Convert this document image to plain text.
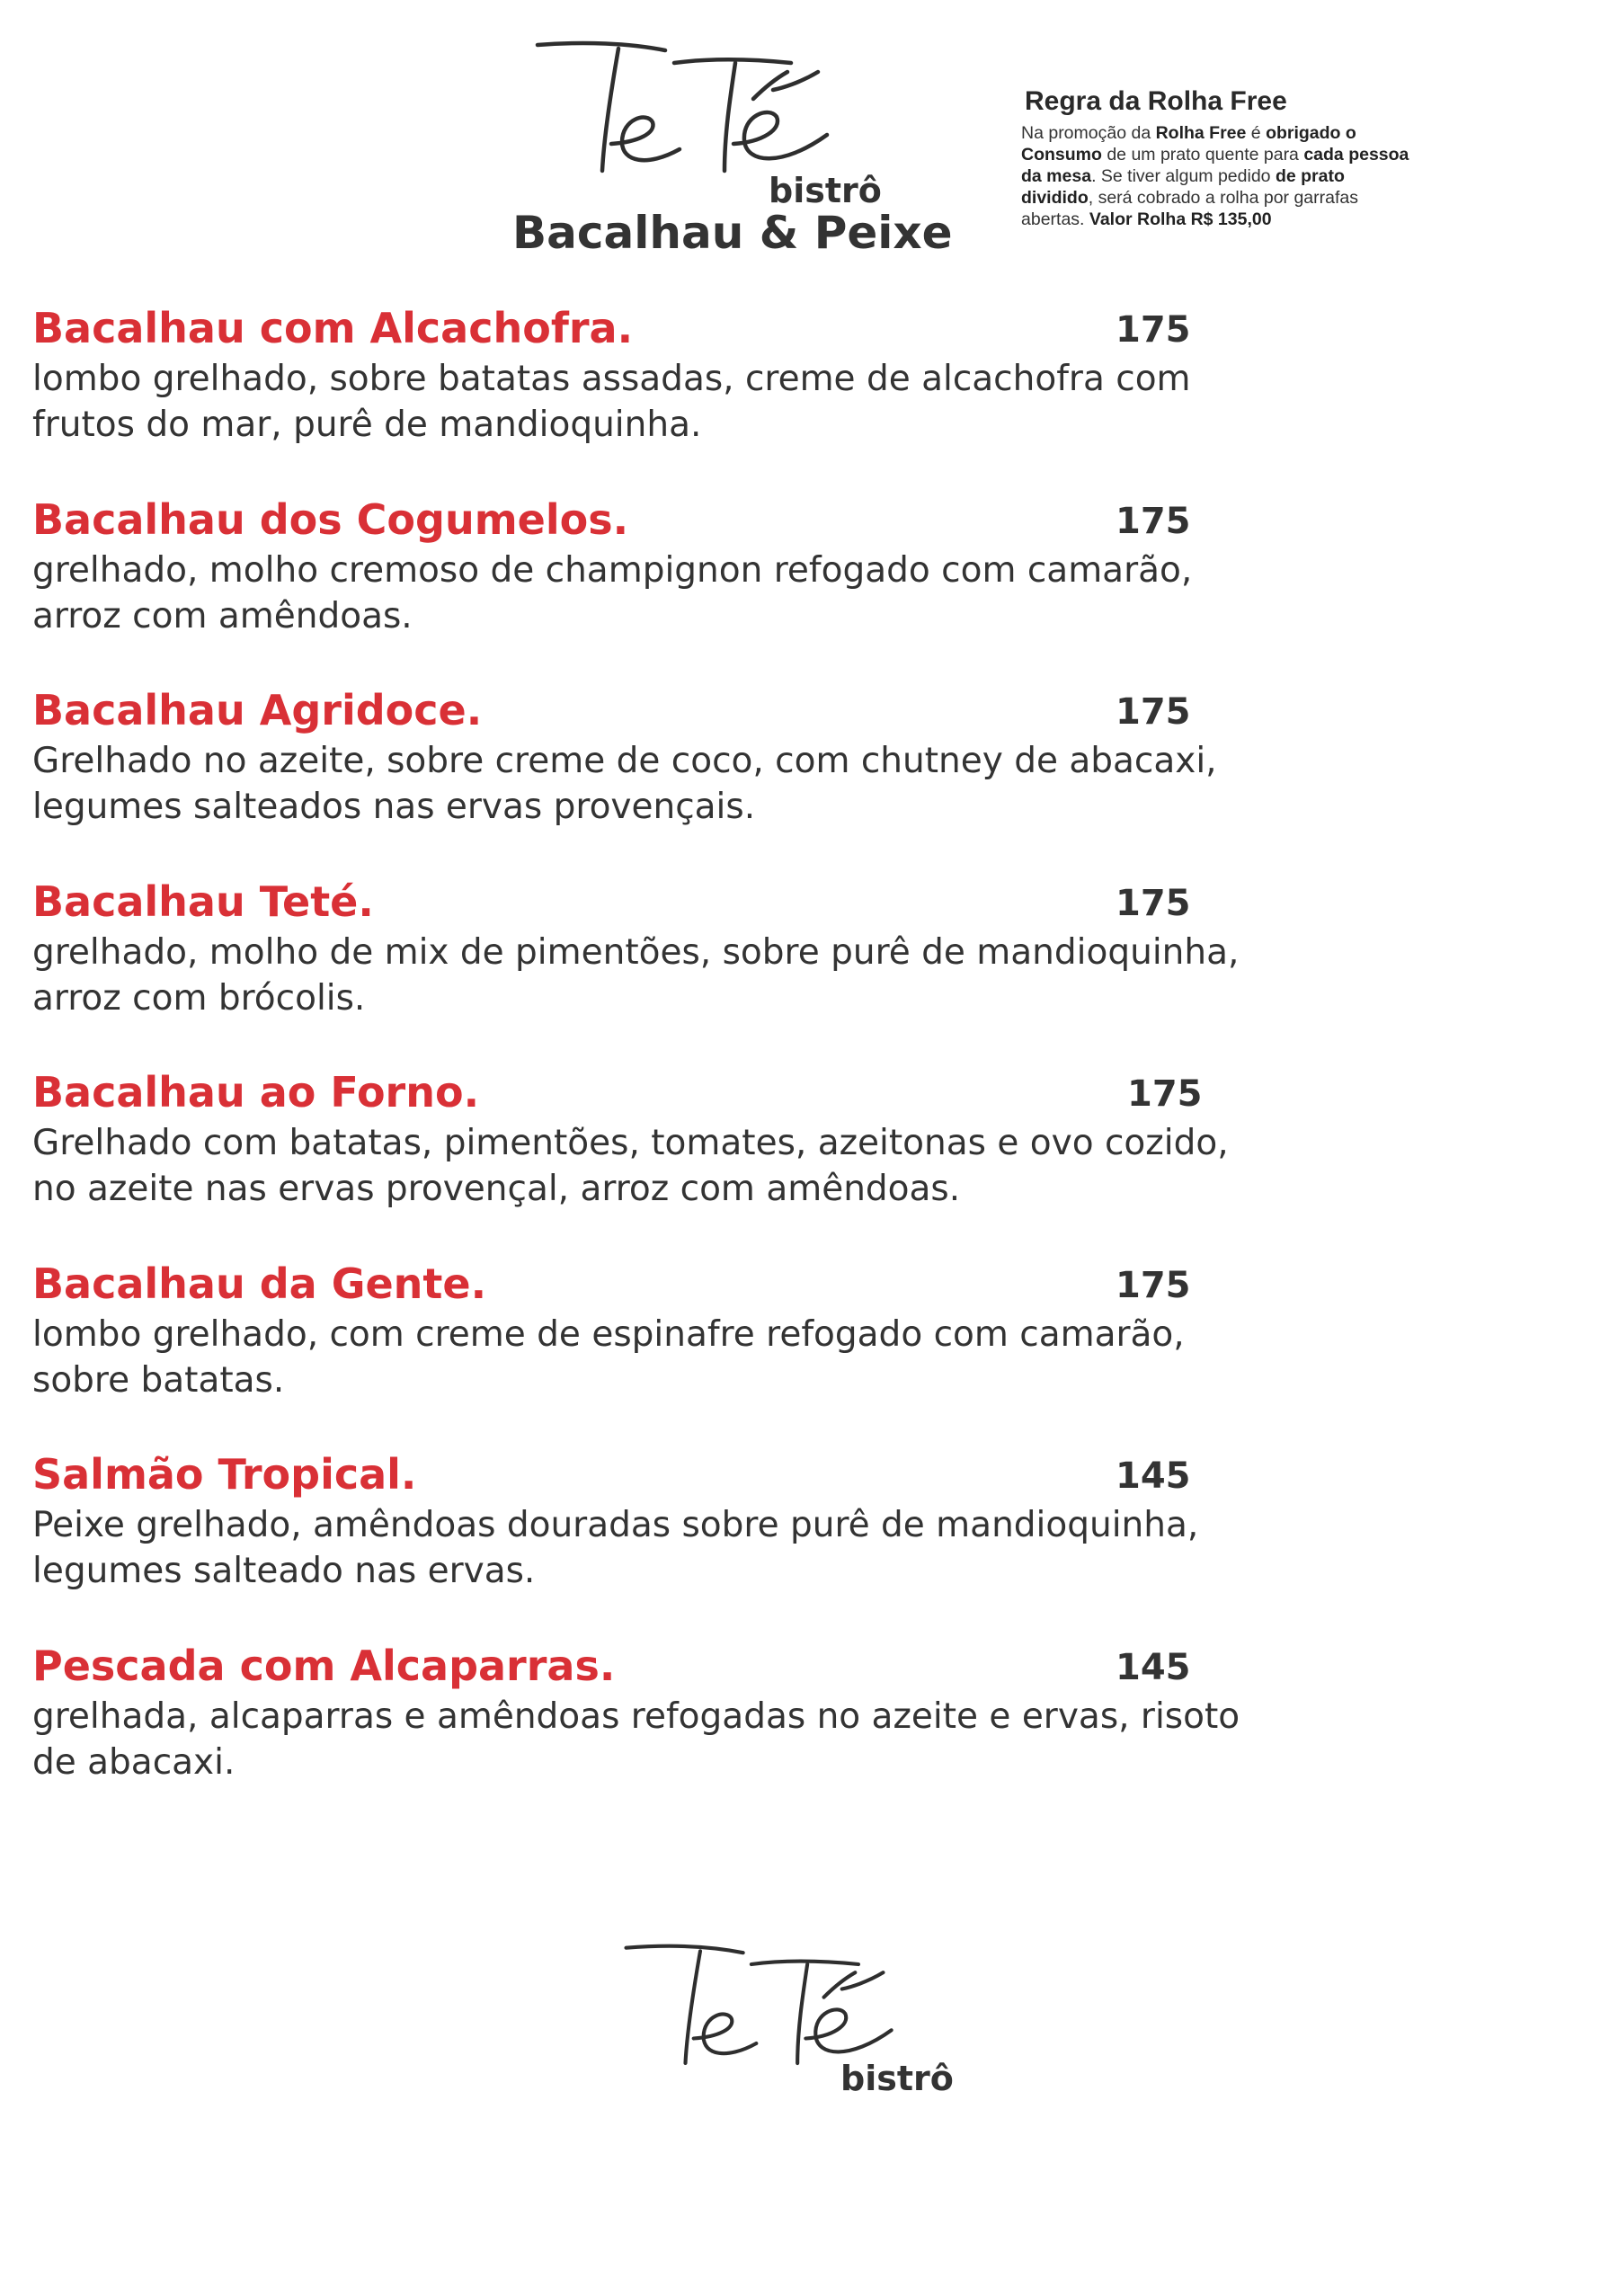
bistrô
Bacalhau & Peixe

Regra da Rolha Free

Na promoção da Rolha Free é obrigado o Consumo de um prato quente para cada pessoa da mesa. Se tiver algum pedido de prato dividido, será cobrado a rolha por garrafas abertas. Valor Rolha R$ 135,00

Bacalhau com Alcachofra.	175

lombo grelhado, sobre batatas assadas, creme de alcachofra com frutos do mar, purê de mandioquinha.

Bacalhau dos Cogumelos.	175

grelhado, molho cremoso de champignon refogado com camarão, arroz com amêndoas.

Bacalhau Agridoce.	175

Grelhado no azeite, sobre creme de coco, com chutney de abacaxi, legumes salteados nas ervas provençais.

Bacalhau Teté.	175

grelhado, molho de mix de pimentões, sobre purê de mandioquinha, arroz com brócolis.

Bacalhau ao Forno.	175

Grelhado com batatas, pimentões, tomates, azeitonas e ovo cozido, no azeite nas ervas provençal, arroz com amêndoas.

Bacalhau da Gente.	175

lombo grelhado, com creme de espinafre refogado com camarão, sobre batatas.

Salmão Tropical.	145

Peixe grelhado, amêndoas douradas sobre purê de mandioquinha, legumes salteado nas ervas.

Pescada com Alcaparras.	145

grelhada, alcaparras e amêndoas refogadas no azeite e ervas, risoto de abacaxi.

bistrô
